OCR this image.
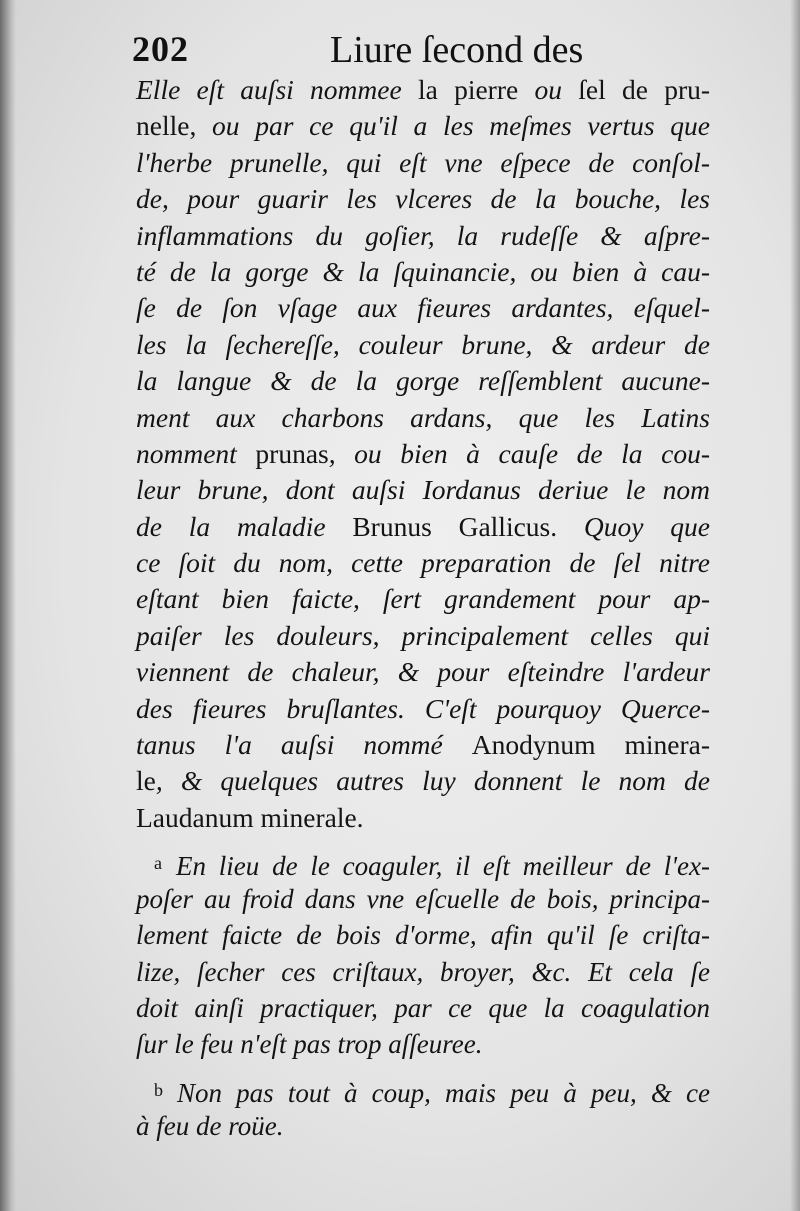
202	Liure ſecond des
Elle eſt auſsi nommee la pierre ou ſel de pru-
nelle, ou par ce qu'il a les meſmes vertus que
l'herbe prunelle, qui eſt vne eſpece de conſol-
de, pour guarir les vlceres de la bouche, les
inflammations du goſier, la rudeſſe & aſpre-
té de la gorge & la ſquinancie, ou bien à cau-
ſe de ſon vſage aux fieures ardantes, eſquel-
les la ſechereſſe, couleur brune, & ardeur de
la langue & de la gorge reſſemblent aucune-
ment aux charbons ardans, que les Latins
nomment prunas, ou bien à cauſe de la cou-
leur brune, dont auſsi Iordanus deriue le nom
de la maladie Brunus Gallicus. Quoy que
ce ſoit du nom, cette preparation de ſel nitre
eſtant bien faicte, ſert grandement pour ap-
paiſer les douleurs, principalement celles qui
viennent de chaleur, & pour eſteindre l'ardeur
des fieures bruſlantes. C'eſt pourquoy Querce-
tanus l'a auſsi nommé Anodynum minera-
le, & quelques autres luy donnent le nom de
Laudanum minerale.
$^a$ En lieu de le coaguler, il eſt meilleur de l'ex-
poſer au froid dans vne eſcuelle de bois, principa-
lement faicte de bois d'orme, afin qu'il ſe criſta-
lize, ſecher ces criſtaux, broyer, &c. Et cela ſe
doit ainſi practiquer, par ce que la coagulation
ſur le feu n'eſt pas trop aſſeuree.
$^b$ Non pas tout à coup, mais peu à peu, & ce
à feu de roüe.
